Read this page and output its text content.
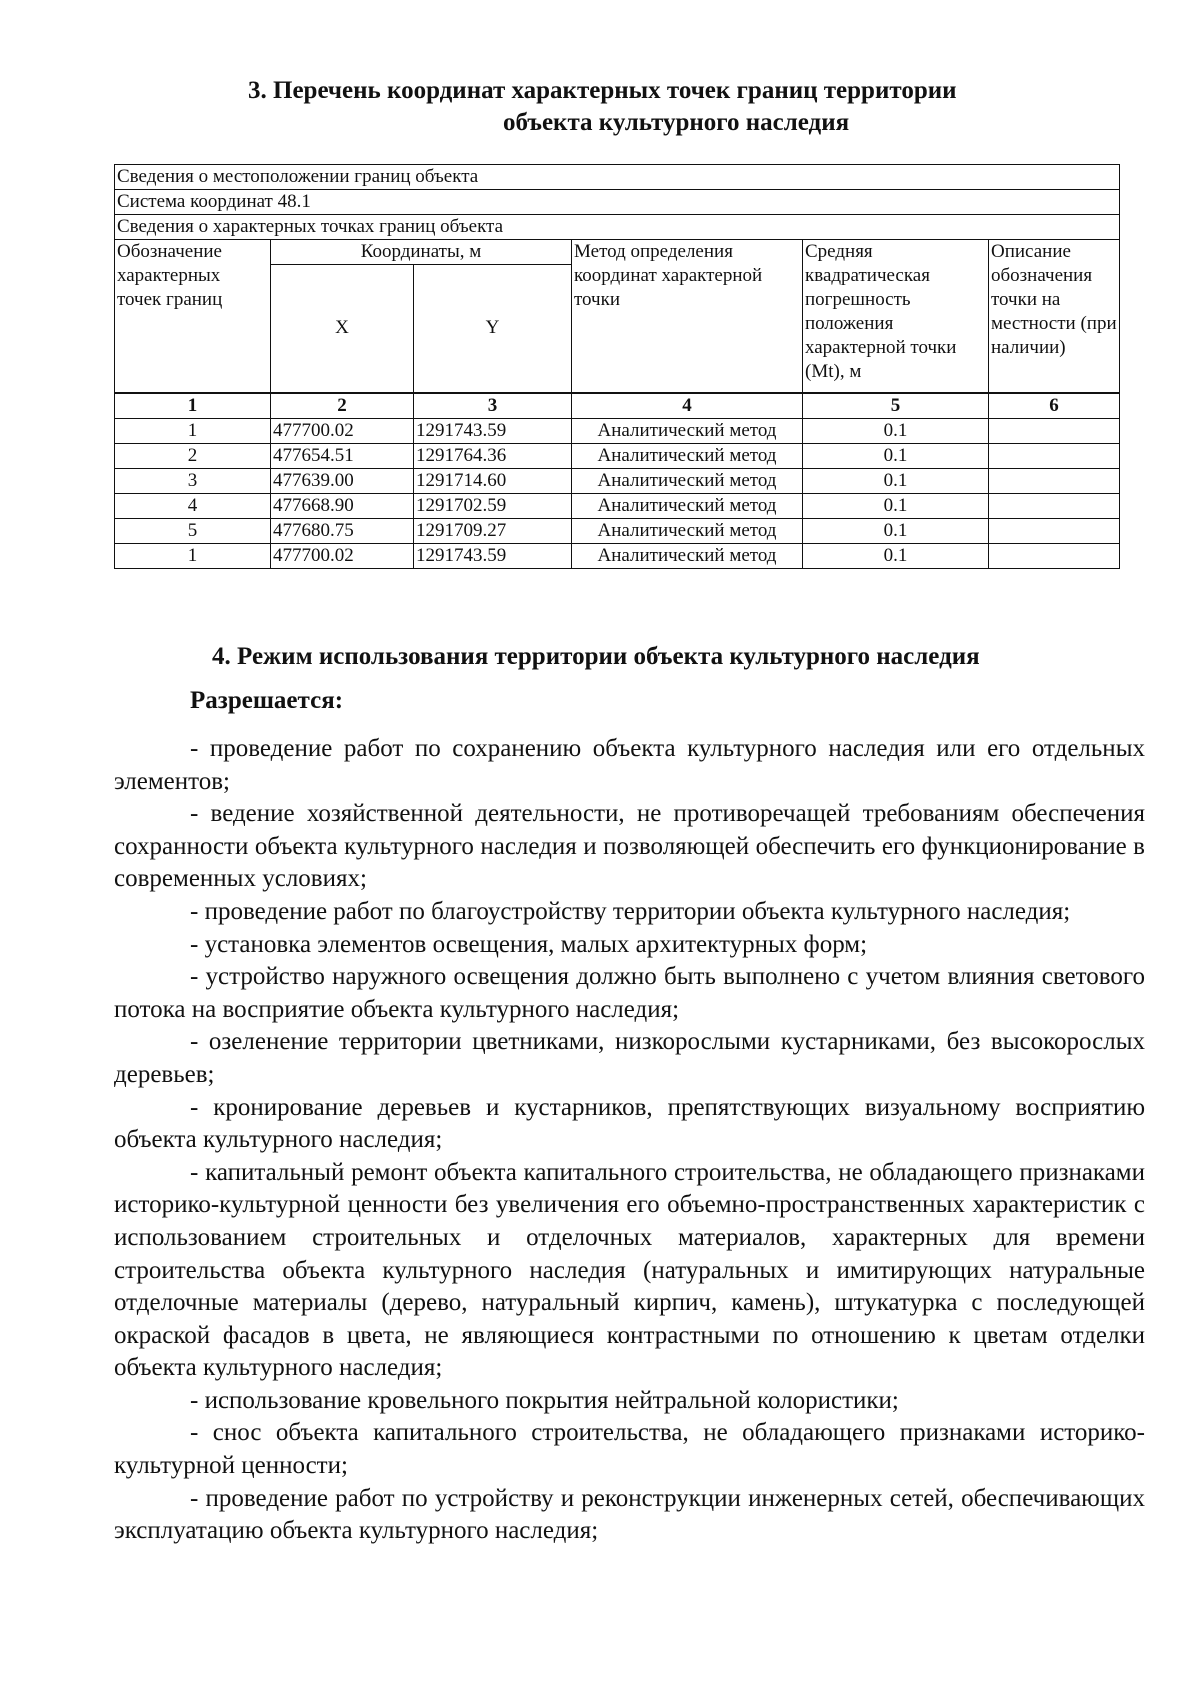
3. Перечень координат характерных точек границ территории
объекта культурного наследия
Сведения о местоположении границ объекта					
Система координат 48.1					
Сведения о характерных точках границ объекта					
Обозначение характерных точек границ	Координаты, м		Метод определения координат характерной точки	Средняя квадратическая погрешность положения характерной точки (Mt), м	Описание обозначения точки на местности (при наличии)
	X	Y			
1	2	3	4	5	6
1	477700.02	1291743.59	Аналитический метод	0.1	
2	477654.51	1291764.36	Аналитический метод	0.1	
3	477639.00	1291714.60	Аналитический метод	0.1	
4	477668.90	1291702.59	Аналитический метод	0.1	
5	477680.75	1291709.27	Аналитический метод	0.1	
1	477700.02	1291743.59	Аналитический метод	0.1	
4. Режим использования территории объекта культурного наследия

Разрешается:

- проведение работ по сохранению объекта культурного наследия или его отдельных элементов;

- ведение хозяйственной деятельности, не противоречащей требованиям обеспечения сохранности объекта культурного наследия и позволяющей обеспечить его функционирование в современных условиях;

- проведение работ по благоустройству территории объекта культурного наследия;

- установка элементов освещения, малых архитектурных форм;

- устройство наружного освещения должно быть выполнено с учетом влияния светового потока на восприятие объекта культурного наследия;

- озеленение территории цветниками, низкорослыми кустарниками, без высокорослых деревьев;

- кронирование деревьев и кустарников, препятствующих визуальному восприятию объекта культурного наследия;

- капитальный ремонт объекта капитального строительства, не обладающего признаками историко-культурной ценности без увеличения его объемно-пространственных характеристик с использованием строительных и отделочных материалов, характерных для времени строительства объекта культурного наследия (натуральных и имитирующих натуральные отделочные материалы (дерево, натуральный кирпич, камень), штукатурка с последующей окраской фасадов в цвета, не являющиеся контрастными по отношению к цветам отделки объекта культурного наследия;

- использование кровельного покрытия нейтральной колористики;

- снос объекта капитального строительства, не обладающего признаками историко-культурной ценности;

- проведение работ по устройству и реконструкции инженерных сетей, обеспечивающих эксплуатацию объекта культурного наследия;
